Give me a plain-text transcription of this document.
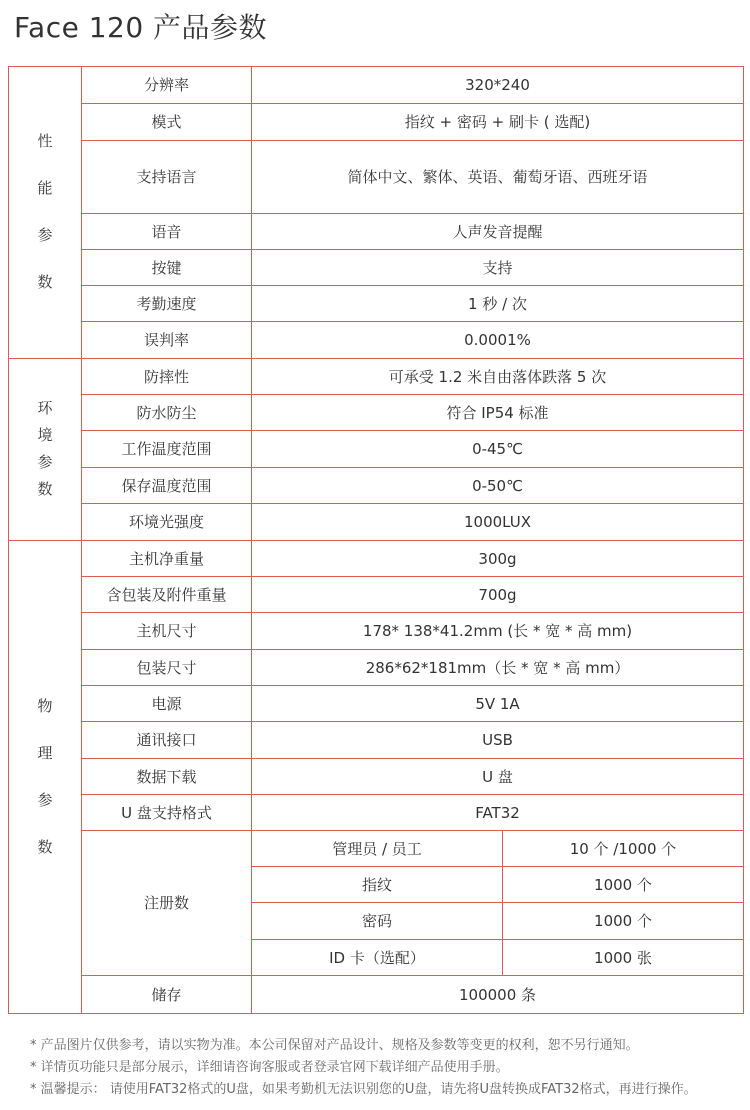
Face 120 产品参数
性
能
参
数	分辨率	320*240	
	模式	指纹 + 密码 + 刷卡 ( 选配)	
	支持语言	简体中文、繁体、英语、葡萄牙语、西班牙语	
	语音	人声发音提醒	
	按键	支持	
	考勤速度	1 秒 / 次	
	误判率	0.0001%	

环
境
参
数	防摔性	可承受 1.2 米自由落体跌落 5 次	
	防水防尘	符合 IP54 标准	
	工作温度范围	0-45℃	
	保存温度范围	0-50℃	
	环境光强度	1000LUX	

物
理
参
数	主机净重量	300g	
	含包装及附件重量	700g	
	主机尺寸	178* 138*41.2mm (长 * 宽 * 高 mm)	
	包装尺寸	286*62*181mm（长 * 宽 * 高 mm）	
	电源	5V 1A	
	通讯接口	USB	
	数据下载	U 盘	
	U 盘支持格式	FAT32	
	注册数	管理员 / 员工	10 个 /1000 个
		指纹	1000 个
		密码	1000 个
		ID 卡（选配）	1000 张
	储存	100000 条	
* 产品图片仅供参考，请以实物为准。本公司保留对产品设计、规格及参数等变更的权利，恕不另行通知。
* 详情页功能只是部分展示，详细请咨询客服或者登录官网下载详细产品使用手册。
* 温馨提示： 请使用FAT32格式的U盘，如果考勤机无法识别您的U盘，请先将U盘转换成FAT32格式，再进行操作。
